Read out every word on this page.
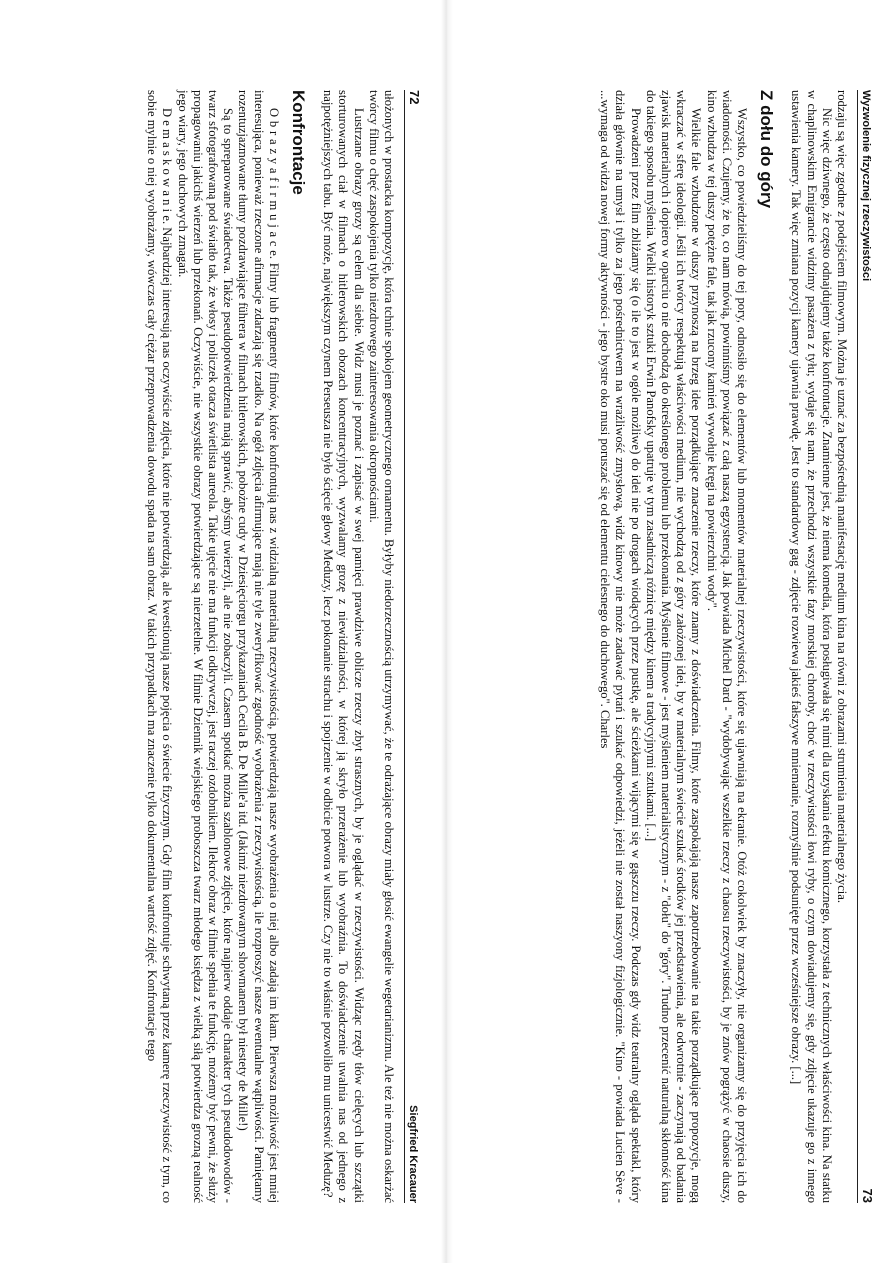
72
Siegfried Kracauer

ułożonych w prostacka kompozycję, która tchnie spokojem geometrycznego ornamentu. Byłyby niedorzecznością utrzymywać, że te odrażające obrazy miały głosić ewangelie wegetarianizmu. Ale też nie można oskarżać twórcy filmu o chęć zaspokojenia tylko niezdrowego zainteresowania okropnościami.

Lustrzane obrazy grozy są celem dla siebie. Widz musi je poznać i zapisać w swej pamięci prawdziwe oblicze rzeczy zbyt strasznych, by je oglądać w rzeczywistości. Widząc rzędy tłów cielęcych lub szczątki storturowanych ciał w filmach o hitlerowskich obozach koncentracyjnych, wyzwalamy grozę z niewidzialności, w której ją skryło przerażenie lub wyobraźnia. To doświadczenie uwalnia nas od jednego z najpotężniejszych tabu. Być może, największym czynem Perseusza nie było ścięcie głowy Meduzy, lecz pokonanie strachu i spojrzenie w odbicie potwora w lustrze. Czy nie to właśnie pozwoliło mu unicestwić Meduzę?

Konfrontacje

O b r a z y a f i r m u j a c e. Filmy lub fragmenty filmów, które konfrontują nas z widzialną materialną rzeczywistością, potwierdzają nasze wyobrażenia o niej albo zadają im kłam. Pierwsza możliwość jest mniej interesująca, ponieważ rzeczone afirmacje zdarzają się rzadko. Na ogół zdjęcia afirmujące mają nie tyle zweryfikować zgodność wyobrażenia z rzeczywistością, ile rozproszyć nasze ewentualne wątpliwości. Pamiętamy rozentuzjazmowane tłumy pozdrawiające führera w filmach hitlerowskich, pobożne cudy w Dziesięciorgu przykazaniach Cecila B. De Mille'a itd. (Jakimż niezdrowanym showmanem był niestety de Mille!)

Są to spreparowane świadectwa. Także pseudopotwierdzenia mają sprawić, abyśmy uwierzyli, ale nie zobaczyli. Czasem spotkać można szablonowe zdjęcie, które najpierw oddaje charakter tych pseudodowodów - twarz sfotografowaną pod światło tak, że włosy i policzek otacza świetlista aureola. Takie ujęcie nie ma funkcji odkrywczej, jest raczej ozdobnikiem. Ilekroć obraz w filmie spełnia te funkcję, możemy być pewni, że służy propagowaniu jakichś wierzeń lub przekonań. Oczywiście, nie wszystkie obrazy potwierdzające są nierzetelne. W filmie Dziennik wiejskiego proboszcza twarz młodego księdza z wielką siłą potwierdza grozną realność jego wiary, jego duchowych zmagań.

D e m a s k o w a n i e. Najbardziej interesują nas oczywiście zdjęcia, które nie potwierdzają, ale kwestionują nasze pojęcia o świecie fizycznym. Gdy film konfrontuje schwytaną przez kamerę rzeczywistość z tym, co sobie mylnie o niej wyobrażamy, wówczas cały ciężar przeprowadzenia dowodu spada na sam obraz. W takich przypadkach ma znaczenie tylko dokumentalna wartość zdjęć. Konfrontacje tego	Wyzwolenie fizycznej rzeczywistości
73

rodzaju są więc zgodne z podejściem filmowym. Można je uznać za bezpośrednią manifestację medium kina na równi z obrazami strumienia materialnego życia.

Nic więc dziwnego, że często odnajdujemy także konfrontacje. Znamienne jest, że niema komedia, która posługiwała się nimi dla uzyskania efektu komicznego, korzystała z technicznych właściwości kina. Na statku w chaplinowskim Emigrancie widzimy pasażera z tyłu; wydaje się nam, że przechodzi wszystkie fazy morskiej choroby, choć w rzeczywistości łowi ryby, o czym dowiadujemy się, gdy zdjęcie ukazuje go z innego ustawienia kamery. Tak więc zmiana pozycji kamery ujawnia prawdę. Jest to standardowy gag - zdjęcie rozwiewa jakieś fałszywe mniemanie, rozmyślnie podsunięte przez wcześniejsze obrazy. [...]

Z dołu do góry

Wszystko, co powiedzieliśmy do tej pory, odnosiło się do elementów lub momentów materialnej rzeczywistości, które się ujawniają na ekranie. Otóż cokolwiek by znaczyły, nie organizamy się do przyjęcia ich do wiadomości. Czujemy, że to, co nam mówią, powinniśmy powiązać z całą naszą egzystencją. Jak powiada Michel Dard - "wydobywając wszelkie rzeczy z chaosu rzeczywistości, by je znów pogrążyć w chaosie duszy, kino wzbudza w tej duszy potężne fale, tak jak rzucony kamień wywołuje kręgi na powierzchni wody".

Wielkie fale wzbudzone w duszy przynoszą na brzeg idee porządkujące znaczenie rzeczy, które znamy z doświadczenia. Filmy, które zaspokajają nasze zapotrzebowanie na takie porządkujące propozycje, mogą wkraczać w sferę ideologii. Jeśli ich twórcy respektują właściwości medium, nie wychodzą od z góry założonej idei, by w materialnym świecie szukać środków jej przedstawienia, ale odwrotnie - zaczynają od badania zjawisk materialnych i dopiero w oparciu o nie dochodzą do określonego problemu lub przekonania. Myślenie filmowe - jest myśleniem materialistycznym - z "dołu" do "góry". Trudno przecenić naturalną skłonność kina do takiego sposobu myślenia. Wielki historyk sztuki Erwin Panofsky upatruje w tym zasadniczą różnicę między kinem a tradycyjnymi sztukami. [...]

Prowadzeni przez film zbliżamy się (o ile to jest w ogóle możliwe) do idei nie po drogach wiodących przez pustkę, ale ścieżkami wijącymi się w gąszczu rzeczy. Podczas gdy widz teatralny ogląda spektakl, który działa głównie na umysł i tylko za jego pośrednictwem na wrażliwość zmysłową, widz kinowy nie może zadawać pytań i szukać odpowiedzi, jeżeli nie został naszyony fizjologicznie. "Kino - powiada Lucien Sève - ...wymaga od widza nowej formy aktywności - jego bystre oko musi poruszać się od elementu cielesnego do duchowego". Charles
